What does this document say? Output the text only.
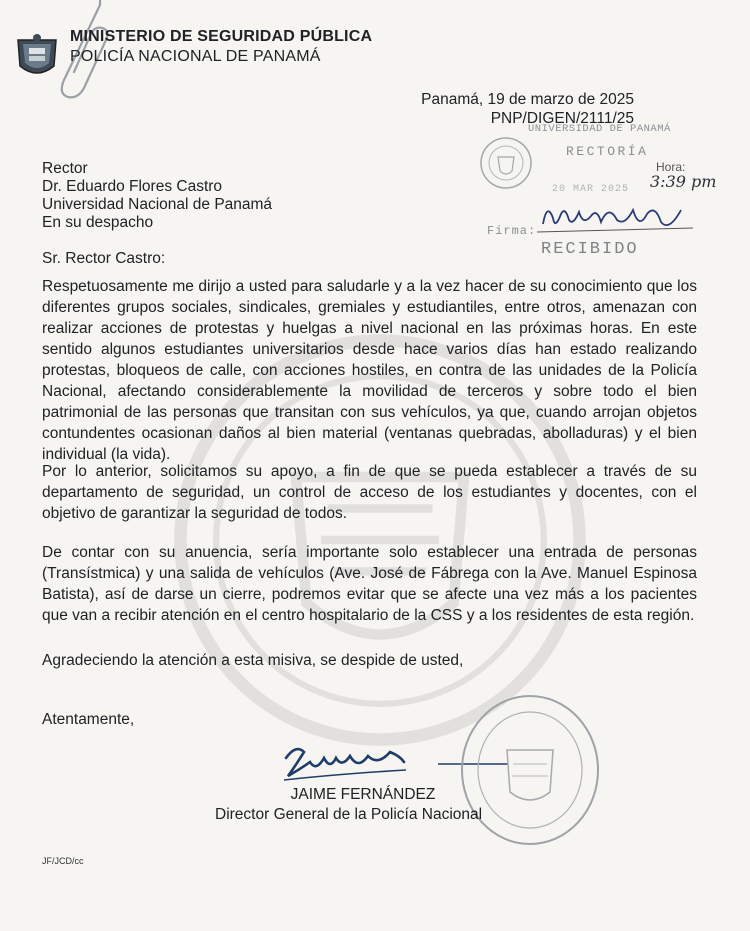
MINISTERIO DE SEGURIDAD PÚBLICA
POLICÍA NACIONAL DE PANAMÁ
Panamá, 19 de marzo de 2025
PNP/DIGEN/2111/25
UNIVERSIDAD DE PANAMÁ
RECTORÍA
Hora:
3:39 pm
20 MAR 2025
Firma:
RECIBIDO
Rector
Dr. Eduardo Flores Castro
Universidad Nacional de Panamá
En su despacho
Sr. Rector Castro:

Respetuosamente me dirijo a usted para saludarle y a la vez hacer de su conocimiento que los diferentes grupos sociales, sindicales, gremiales y estudiantiles, entre otros, amenazan con realizar acciones de protestas y huelgas a nivel nacional en las próximas horas. En este sentido algunos estudiantes universitarios desde hace varios días han estado realizando protestas, bloqueos de calle, con acciones hostiles, en contra de las unidades de la Policía Nacional, afectando considerablemente la movilidad de terceros y sobre todo el bien patrimonial de las personas que transitan con sus vehículos, ya que, cuando arrojan objetos contundentes ocasionan daños al bien material (ventanas quebradas, abolladuras) y el bien individual (la vida).

Por lo anterior, solicitamos su apoyo, a fin de que se pueda establecer a través de su departamento de seguridad, un control de acceso de los estudiantes y docentes, con el objetivo de garantizar la seguridad de todos.

De contar con su anuencia, sería importante solo establecer una entrada de personas (Transístmica) y una salida de vehículos (Ave. José de Fábrega con la Ave. Manuel Espinosa Batista), así de darse un cierre, podremos evitar que se afecte una vez más a los pacientes que van a recibir atención en el centro hospitalario de la CSS y a los residentes de esta región.

Agradeciendo la atención a esta misiva, se despide de usted,
Atentamente,
JAIME FERNÁNDEZ
Director General de la Policía Nacional
JF/JCD/cc
